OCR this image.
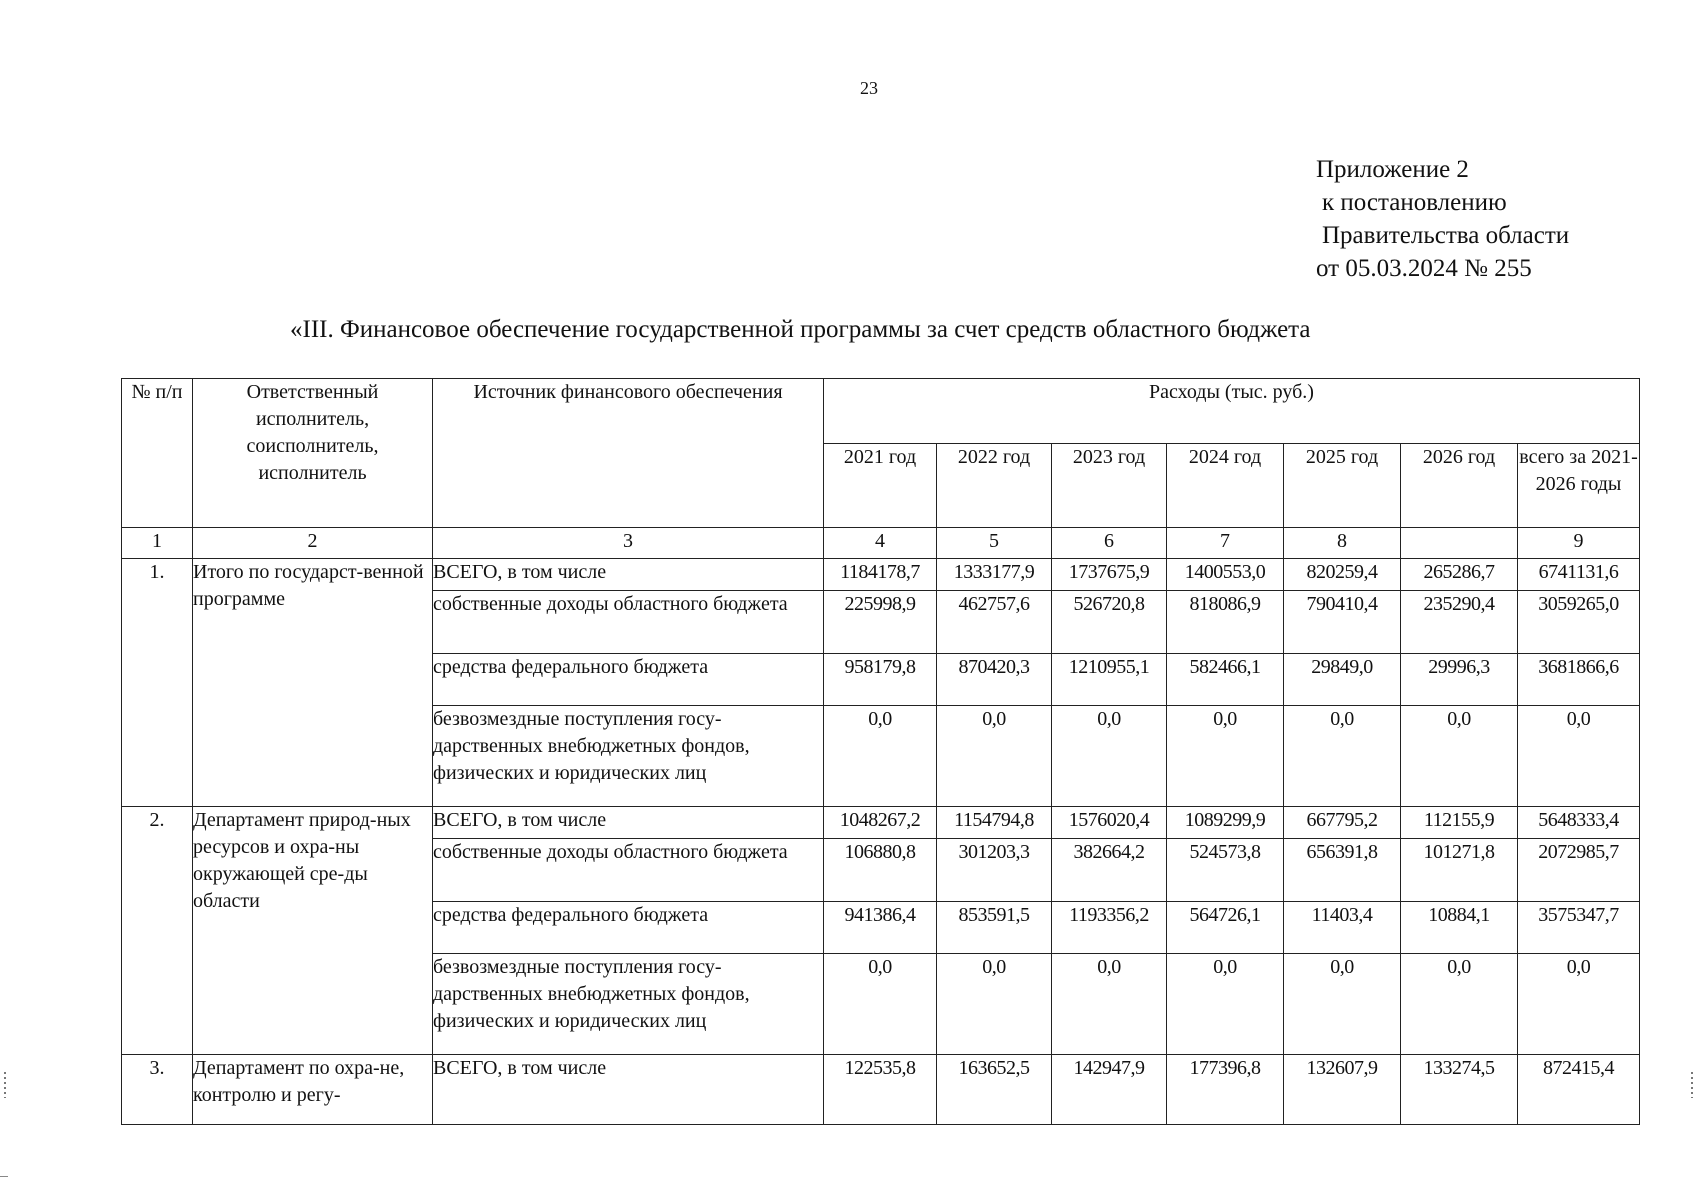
23
Приложение 2
к постановлению
Правительства области
от 05.03.2024 № 255
«III. Финансовое обеспечение государственной программы за счет средств областного бюджета
№ п/п	Ответственный исполнитель, соисполнитель, исполнитель	Источник финансового обеспечения	Расходы (тыс. руб.)						
			2021 год	2022 год	2023 год	2024 год	2025 год	2026 год	всего за 2021-2026 годы
1	2	3	4	5	6	7	8		9
1.	Итого по государст-венной программе	ВСЕГО, в том числе	1184178,7	1333177,9	1737675,9	1400553,0	820259,4	265286,7	6741131,6
		собственные доходы областного бюджета	225998,9	462757,6	526720,8	818086,9	790410,4	235290,4	3059265,0
		средства федерального бюджета	958179,8	870420,3	1210955,1	582466,1	29849,0	29996,3	3681866,6
		безвозмездные поступления госу-дарственных внебюджетных фондов, физических и юридических лиц	0,0	0,0	0,0	0,0	0,0	0,0	0,0
2.	Департамент природ-ных ресурсов и охра-ны окружающей сре-ды области	ВСЕГО, в том числе	1048267,2	1154794,8	1576020,4	1089299,9	667795,2	112155,9	5648333,4
		собственные доходы областного бюджета	106880,8	301203,3	382664,2	524573,8	656391,8	101271,8	2072985,7
		средства федерального бюджета	941386,4	853591,5	1193356,2	564726,1	11403,4	10884,1	3575347,7
		безвозмездные поступления госу-дарственных внебюджетных фондов, физических и юридических лиц	0,0	0,0	0,0	0,0	0,0	0,0	0,0
3.	Департамент по охра-не, контролю и регу-	ВСЕГО, в том числе	122535,8	163652,5	142947,9	177396,8	132607,9	133274,5	872415,4
